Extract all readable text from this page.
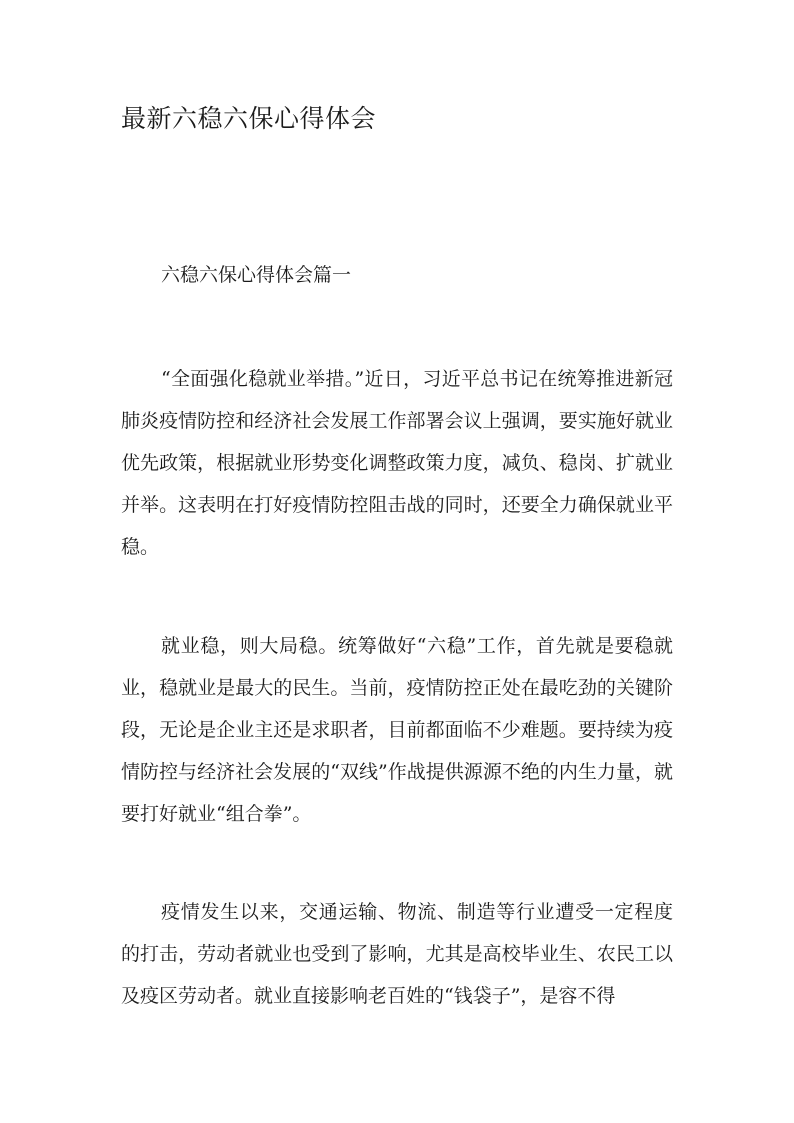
最新六稳六保心得体会
六稳六保心得体会篇一

“全面强化稳就业举措。”近日，习近平总书记在统筹推进新冠肺炎疫情防控和经济社会发展工作部署会议上强调，要实施好就业优先政策，根据就业形势变化调整政策力度，减负、稳岗、扩就业并举。这表明在打好疫情防控阻击战的同时，还要全力确保就业平稳。

就业稳，则大局稳。统筹做好“六稳”工作，首先就是要稳就业，稳就业是最大的民生。当前，疫情防控正处在最吃劲的关键阶段，无论是企业主还是求职者，目前都面临不少难题。要持续为疫情防控与经济社会发展的“双线”作战提供源源不绝的内生力量，就要打好就业“组合拳”。

疫情发生以来，交通运输、物流、制造等行业遭受一定程度的打击，劳动者就业也受到了影响，尤其是高校毕业生、农民工以及疫区劳动者。就业直接影响老百姓的“钱袋子”，是容不得
